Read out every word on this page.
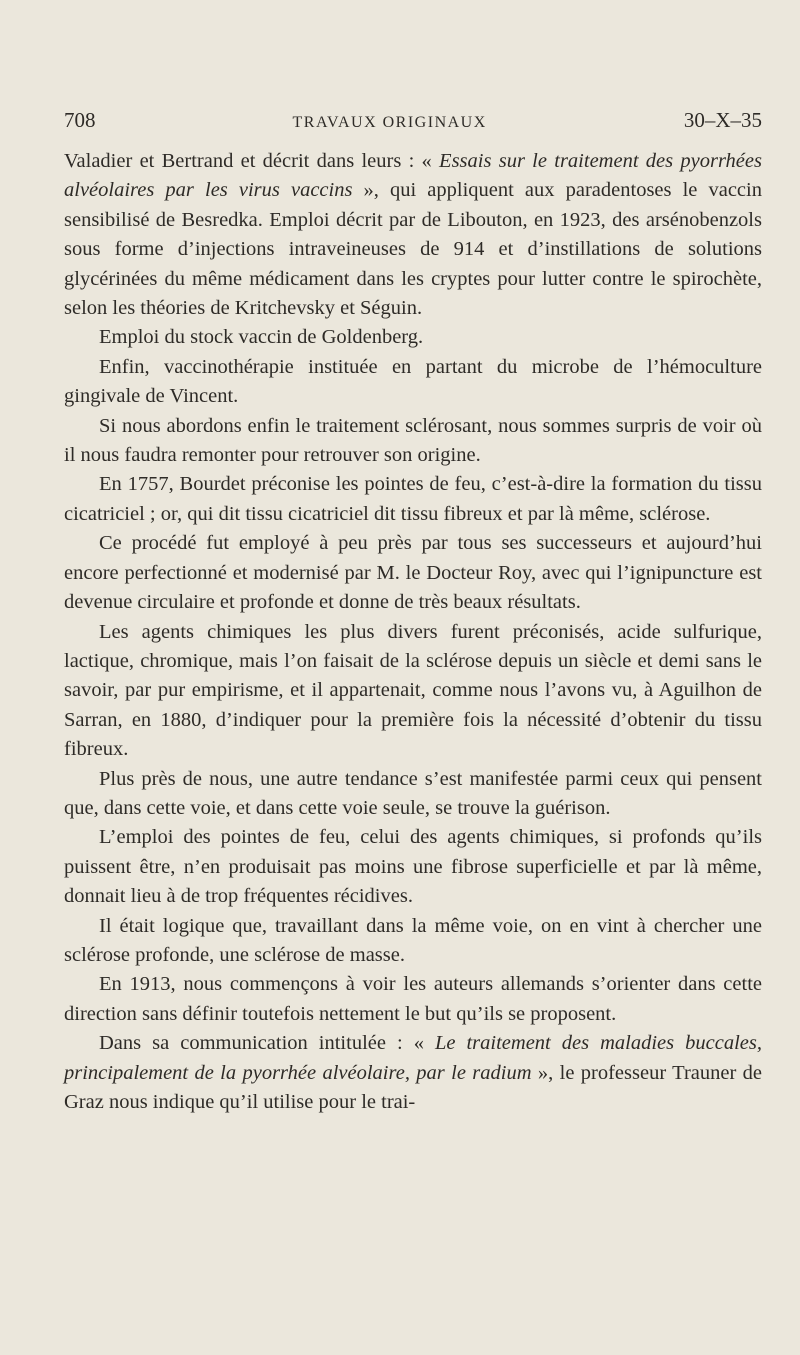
708	TRAVAUX ORIGINAUX	30–X–35

Valadier et Bertrand et décrit dans leurs : « Essais sur le traitement des pyorrhées alvéolaires par les virus vaccins », qui appliquent aux paradentoses le vaccin sensibilisé de Besredka. Emploi décrit par de Libouton, en 1923, des arsénobenzols sous forme d’injections intraveineuses de 914 et d’instillations de solutions glycérinées du même médicament dans les cryptes pour lutter contre le spirochète, selon les théories de Kritchevsky et Séguin.

Emploi du stock vaccin de Goldenberg.

Enfin, vaccinothérapie instituée en partant du microbe de l’hémoculture gingivale de Vincent.

Si nous abordons enfin le traitement sclérosant, nous sommes surpris de voir où il nous faudra remonter pour retrouver son origine.

En 1757, Bourdet préconise les pointes de feu, c’est-à-dire la formation du tissu cicatriciel ; or, qui dit tissu cicatriciel dit tissu fibreux et par là même, sclérose.

Ce procédé fut employé à peu près par tous ses successeurs et aujourd’hui encore perfectionné et modernisé par M. le Docteur Roy, avec qui l’ignipuncture est devenue circulaire et profonde et donne de très beaux résultats.

Les agents chimiques les plus divers furent préconisés, acide sulfurique, lactique, chromique, mais l’on faisait de la sclérose depuis un siècle et demi sans le savoir, par pur empirisme, et il appartenait, comme nous l’avons vu, à Aguilhon de Sarran, en 1880, d’indiquer pour la première fois la nécessité d’obtenir du tissu fibreux.

Plus près de nous, une autre tendance s’est manifestée parmi ceux qui pensent que, dans cette voie, et dans cette voie seule, se trouve la guérison.

L’emploi des pointes de feu, celui des agents chimiques, si profonds qu’ils puissent être, n’en produisait pas moins une fibrose superficielle et par là même, donnait lieu à de trop fréquentes récidives.

Il était logique que, travaillant dans la même voie, on en vint à chercher une sclérose profonde, une sclérose de masse.

En 1913, nous commençons à voir les auteurs allemands s’orienter dans cette direction sans définir toutefois nettement le but qu’ils se proposent.

Dans sa communication intitulée : « Le traitement des maladies buccales, principalement de la pyorrhée alvéolaire, par le radium », le professeur Trauner de Graz nous indique qu’il utilise pour le trai-
